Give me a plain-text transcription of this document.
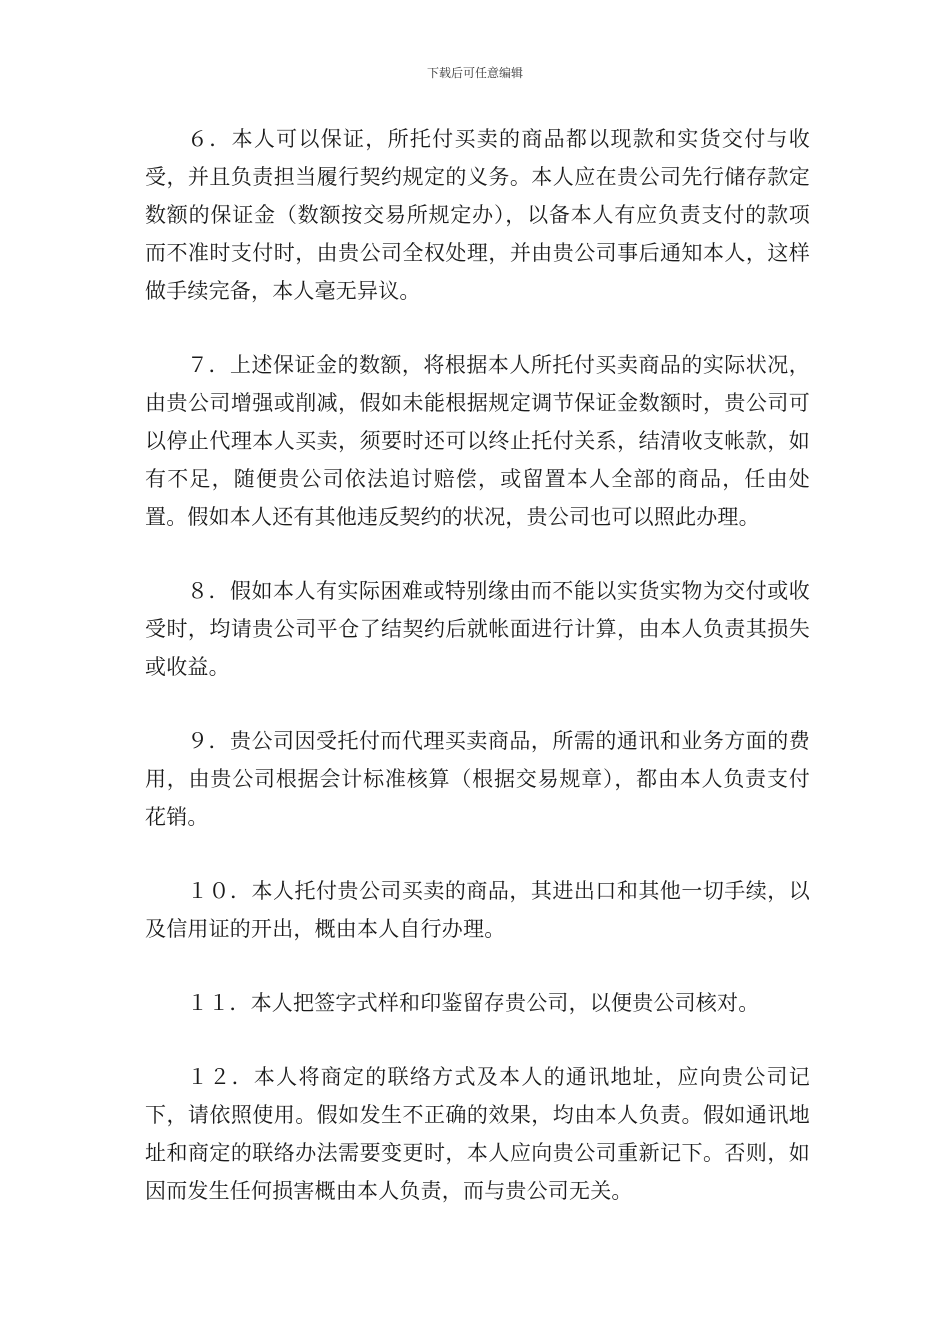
下载后可任意编辑

６．本人可以保证，所托付买卖的商品都以现款和实货交付与收受，并且负责担当履行契约规定的义务。本人应在贵公司先行储存款定数额的保证金（数额按交易所规定办），以备本人有应负责支付的款项而不准时支付时，由贵公司全权处理，并由贵公司事后通知本人，这样做手续完备，本人毫无异议。

７．上述保证金的数额，将根据本人所托付买卖商品的实际状况，由贵公司增强或削减，假如未能根据规定调节保证金数额时，贵公司可以停止代理本人买卖，须要时还可以终止托付关系，结清收支帐款，如有不足，随便贵公司依法追讨赔偿，或留置本人全部的商品，任由处置。假如本人还有其他违反契约的状况，贵公司也可以照此办理。

８．假如本人有实际困难或特别缘由而不能以实货实物为交付或收受时，均请贵公司平仓了结契约后就帐面进行计算，由本人负责其损失或收益。

９．贵公司因受托付而代理买卖商品，所需的通讯和业务方面的费用，由贵公司根据会计标准核算（根据交易规章），都由本人负责支付花销。

１０．本人托付贵公司买卖的商品，其进出口和其他一切手续，以及信用证的开出，概由本人自行办理。

１１．本人把签字式样和印鉴留存贵公司，以便贵公司核对。

１２．本人将商定的联络方式及本人的通讯地址，应向贵公司记下，请依照使用。假如发生不正确的效果，均由本人负责。假如通讯地址和商定的联络办法需要变更时，本人应向贵公司重新记下。否则，如因而发生任何损害概由本人负责，而与贵公司无关。
